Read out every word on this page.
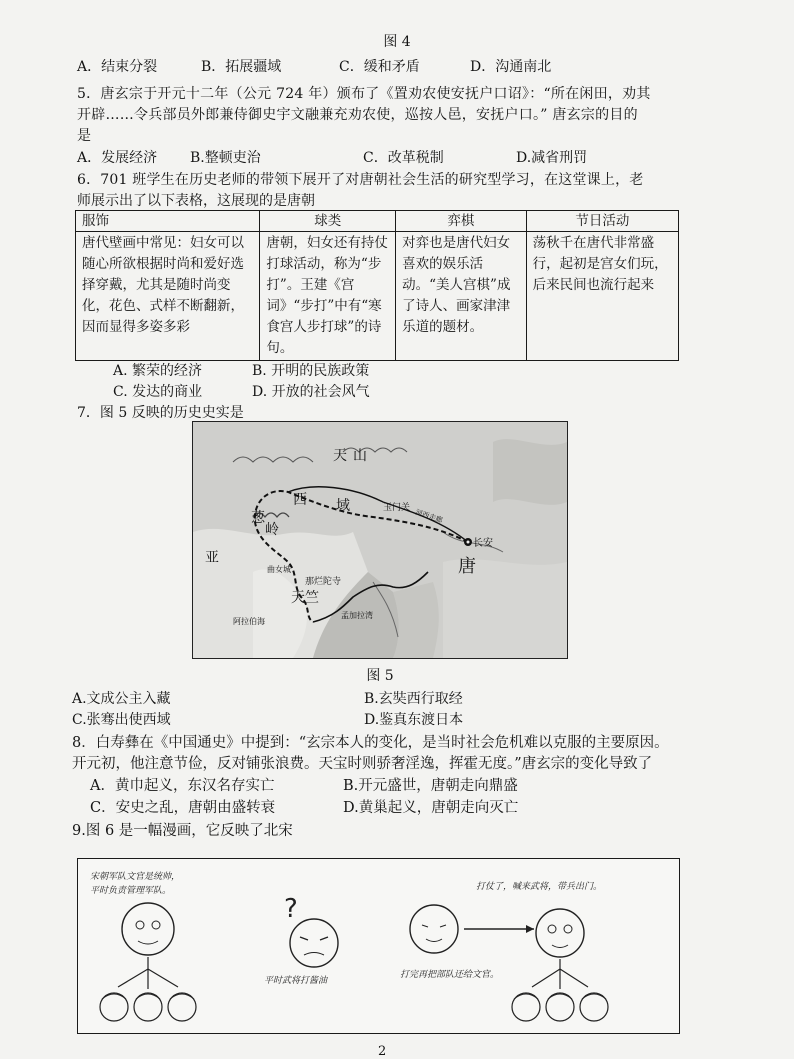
图 4
A．结束分裂	B．拓展疆域	C．缓和矛盾	D．沟通南北
5．唐玄宗于开元十二年（公元 724 年）颁布了《置劝农使安抚户口诏》：“所在闲田，劝其
开辟……令兵部员外郎兼侍御史宇文融兼充劝农使，巡按人邑，安抚户口。” 唐玄宗的目的
是
A．发展经济 B.整顿吏治	C．改革税制	D.减省刑罚
6．701 班学生在历史老师的带领下展开了对唐朝社会生活的研究型学习，在这堂课上，老
师展示出了以下表格，这展现的是唐朝
服饰	球类	弈棋	节日活动
唐代壁画中常见：妇女可以随心所欲根据时尚和爱好选择穿戴，尤其是随时尚变化，花色、式样不断翻新，因而显得多姿多彩	唐朝，妇女还有持仗打球活动，称为“步打”。王建《宫词》“步打”中有“寒食宫人步打球”的诗句。	对弈也是唐代妇女喜欢的娱乐活动。“美人宫棋”成了诗人、画家津津乐道的题材。	荡秋千在唐代非常盛行，起初是宫女们玩，后来民间也流行起来
A. 繁荣的经济	B. 开明的民族政策
C. 发达的商业	D. 开放的社会风气
7．图 5 反映的历史史实是
天 山
西 域	玉门关
河西走廊
葱
岭
长安
唐
亚
曲女城
那烂陀寺
天竺
阿拉伯海
孟加拉湾
图 5
A.文成公主入藏	B.玄奘西行取经
C.张骞出使西域	D.鉴真东渡日本
8．白寿彝在《中国通史》中提到：“玄宗本人的变化，是当时社会危机难以克服的主要原因。
开元初，他注意节俭，反对铺张浪费。天宝时则骄奢淫逸，挥霍无度。”唐玄宗的变化导致了
A．黄巾起义，东汉名存实亡	B.开元盛世，唐朝走向鼎盛
C．安史之乱，唐朝由盛转衰	D.黄巢起义，唐朝走向灭亡
9.图 6 是一幅漫画，它反映了北宋
宋朝军队文官是统帅，
平时负责管理军队。
?
平时武将打酱油
打仗了，喊来武将，带兵出门。
打完再把部队还给文官。
2
